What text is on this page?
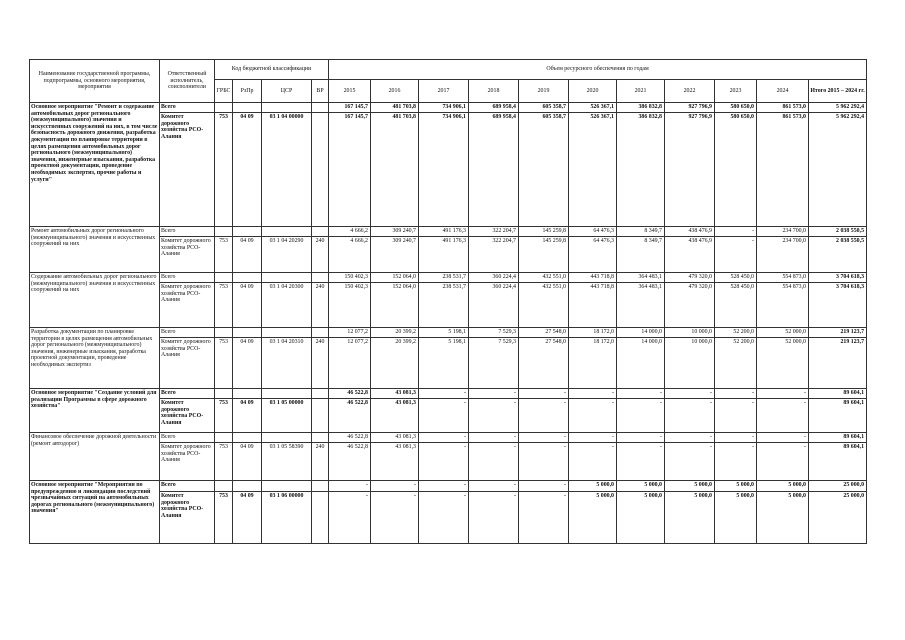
Наименование государственной программы, подпрограммы, основного мероприятия, мероприятия	Ответственный исполнитель, соисполнители	Код бюджетной классификации				Объем ресурсного обеспечения по годам										
		ГРБС	РзПр	ЦСР	ВР	2015	2016	2017	2018	2019	2020	2021	2022	2023	2024	Итого 2015 – 2024 гг.
Основное мероприятие "Ремонт и содержание автомобильных дорог регионального (межмуниципального) значения и искусственных сооружений на них, в том числе безопасность дорожного движения, разработка документации по планировке территории в целях размещения автомобильных дорог регионального (межмуниципального) значения, инженерные изыскания, разработка проектной документации, проведение необходимых экспертиз, прочие работы и услуги"	Всего					167 145,7	481 703,8	734 906,1	689 958,4	605 358,7	526 367,1	386 832,8	927 796,9	580 650,0	861 573,0	5 962 292,4
	Комитет дорожного хозяйства РСО-Алания	753	04 09	03 1 04 00000		167 145,7	481 703,8	734 906,1	689 958,4	605 358,7	526 367,1	386 832,8	927 796,9	580 650,0	861 573,0	5 962 292,4
Ремонт автомобильных дорог регионального (межмуниципального) значения и искусственных сооружений на них	Всего					4 666,2	309 240,7	491 176,3	322 204,7	145 259,8	64 476,3	8 349,7	438 476,9	-	234 700,0	2 038 550,5
	Комитет дорожного хозяйства РСО-Алания	753	04 09	03 1 04 20290	240	4 666,2	309 240,7	491 176,3	322 204,7	145 259,8	64 476,3	8 349,7	438 476,9	-	234 700,0	2 038 550,5
Содержание автомобильных дорог регионального (межмуниципального) значения и искусственных сооружений на них	Всего					150 402,3	152 064,0	238 531,7	360 224,4	432 551,0	443 718,8	364 483,1	479 320,0	528 450,0	554 873,0	3 704 618,3
	Комитет дорожного хозяйства РСО-Алания	753	04 09	03 1 04 20300	240	150 402,3	152 064,0	238 531,7	360 224,4	432 551,0	443 718,8	364 483,1	479 320,0	528 450,0	554 873,0	3 704 618,3
Разработка документации по планировке территории в целях размещения автомобильных дорог регионального (межмуниципального) значения, инженерные изыскания, разработка проектной документации, проведение необходимых экспертиз	Всего					12 077,2	20 399,2	5 198,1	7 529,3	27 548,0	18 172,0	14 000,0	10 000,0	52 200,0	52 000,0	219 123,7
	Комитет дорожного хозяйства РСО-Алания	753	04 09	03 1 04 20310	240	12 077,2	20 399,2	5 198,1	7 529,3	27 548,0	18 172,0	14 000,0	10 000,0	52 200,0	52 000,0	219 123,7
Основное мероприятие "Создание условий для реализации Программы в сфере дорожного хозяйства"	Всего					46 522,8	43 081,3	-	-	-	-	-	-	-	-	89 604,1
	Комитет дорожного хозяйства РСО-Алания	753	04 09	03 1 05 00000		46 522,8	43 081,3	-	-	-	-	-	-	-	-	89 604,1
Финансовое обеспечение дорожной деятельности (ремонт автодорог)	Всего					46 522,8	43 081,3	-	-	-	-	-	-	-	-	89 604,1
	Комитет дорожного хозяйства РСО-Алания	753	04 09	03 1 05 58390	240	46 522,8	43 081,3	-	-	-	-	-	-	-	-	89 604,1
Основное мероприятие "Мероприятия по предупреждению и ликвидации последствий чрезвычайных ситуаций на автомобильных дорогах регионального (межмуниципального) значения"	Всего					-	-	-	-	-	5 000,0	5 000,0	5 000,0	5 000,0	5 000,0	25 000,0
	Комитет дорожного хозяйства РСО-Алания	753	04 09	03 1 06 00000		-	-	-	-	-	5 000,0	5 000,0	5 000,0	5 000,0	5 000,0	25 000,0
